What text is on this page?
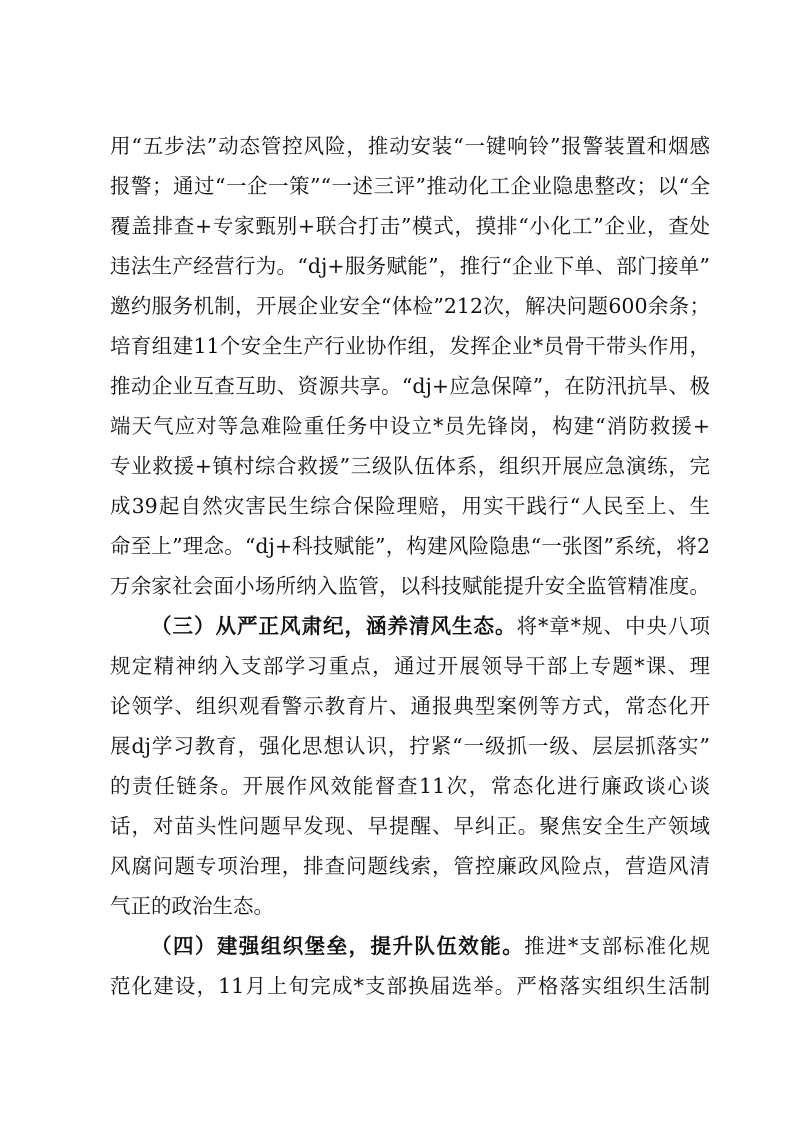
用“五步法”动态管控风险，推动安装“一键响铃”报警装置和烟感
报警；通过“一企一策”“一述三评”推动化工企业隐患整改；以“全
覆盖排查+专家甄别+联合打击”模式，摸排“小化工”企业，查处
违法生产经营行为。“dj+服务赋能”，推行“企业下单、部门接单”
邀约服务机制，开展企业安全“体检”212次，解决问题600余条；
培育组建11个安全生产行业协作组，发挥企业*员骨干带头作用，
推动企业互查互助、资源共享。“dj+应急保障”，在防汛抗旱、极
端天气应对等急难险重任务中设立*员先锋岗，构建“消防救援+
专业救援+镇村综合救援”三级队伍体系，组织开展应急演练，完
成39起自然灾害民生综合保险理赔，用实干践行“人民至上、生
命至上”理念。“dj+科技赋能”，构建风险隐患“一张图”系统，将2
万余家社会面小场所纳入监管，以科技赋能提升安全监管精准度。
（三）从严正风肃纪，涵养清风生态。将*章*规、中央八项
规定精神纳入支部学习重点，通过开展领导干部上专题*课、理
论领学、组织观看警示教育片、通报典型案例等方式，常态化开
展dj学习教育，强化思想认识，拧紧“一级抓一级、层层抓落实”
的责任链条。开展作风效能督查11次，常态化进行廉政谈心谈
话，对苗头性问题早发现、早提醒、早纠正。聚焦安全生产领域
风腐问题专项治理，排查问题线索，管控廉政风险点，营造风清
气正的政治生态。
（四）建强组织堡垒，提升队伍效能。推进*支部标准化规
范化建设，11月上旬完成*支部换届选举。严格落实组织生活制
